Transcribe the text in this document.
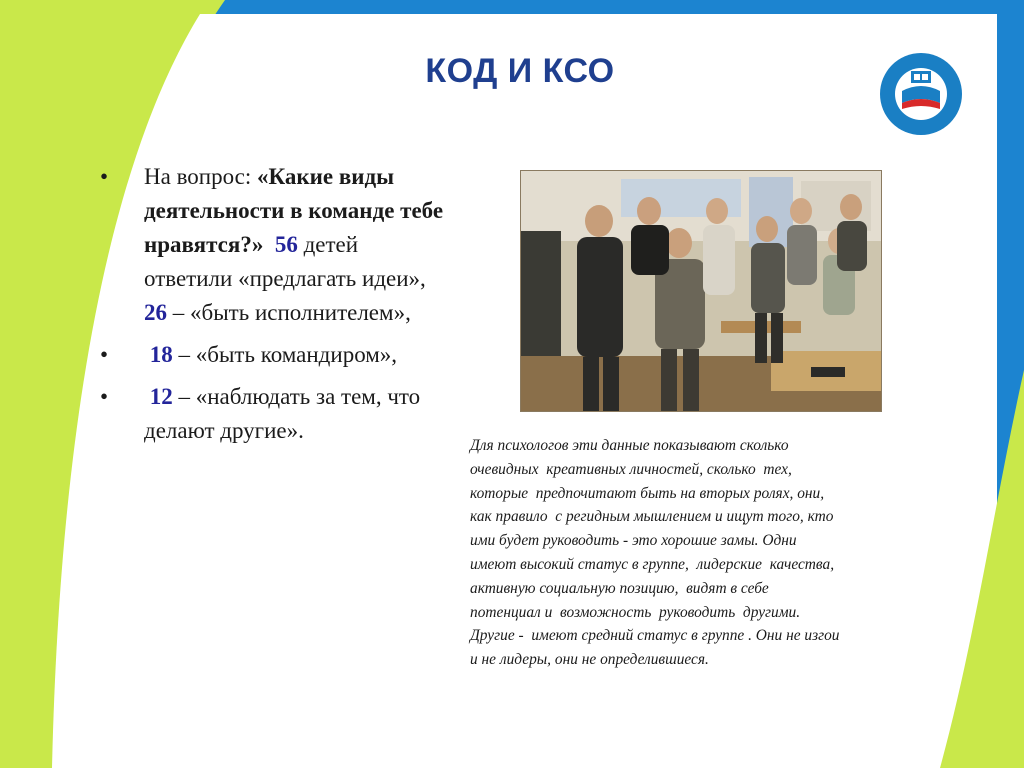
КОД И КСО
• На вопрос: «Какие виды деятельности в команде тебе нравятся?» 56 детей ответили «предлагать идеи», 26 – «быть исполнителем»,
• 18 – «быть командиром»,
• 12 – «наблюдать за тем, что делают другие».
Для психологов эти данные показывают сколько
очевидных  креативных личностей, сколько  тех,
которые  предпочитают быть на вторых ролях, они,
как правило  с регидным мышлением и ищут того, кто
ими будет руководить - это хорошие замы. Одни
имеют высокий статус в группе,  лидерские  качества,
активную социальную позицию,  видят в себе
потенциал и  возможность  руководить  другими.
Другие -  имеют средний статус в группе . Они не изгои
и не лидеры, они не определившиеся.
